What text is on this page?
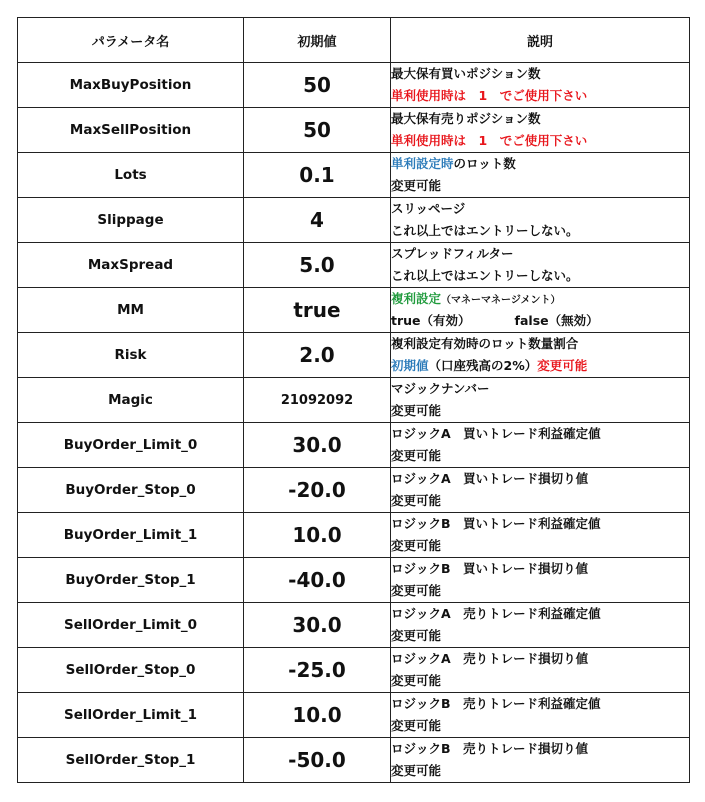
パラメータ名	初期値	説明
MaxBuyPosition	50	最大保有買いポジション数
単利使用時は　1　でご使用下さい

MaxSellPosition	50	最大保有売りポジション数
単利使用時は　1　でご使用下さい

Lots	0.1	単利設定時のロット数
変更可能

Slippage	4	スリッページ
これ以上ではエントリーしない。

MaxSpread	5.0	スプレッドフィルター
これ以上ではエントリーしない。

MM	true	複利設定（マネーマネージメント）
true（有効） false（無効）

Risk	2.0	複利設定有効時のロット数量割合
初期値（口座残高の2%）変更可能

Magic	21092092	マジックナンバー
変更可能

BuyOrder_Limit_0	30.0	ロジックA　買いトレード利益確定値
変更可能

BuyOrder_Stop_0	-20.0	ロジックA　買いトレード損切り値
変更可能

BuyOrder_Limit_1	10.0	ロジックB　買いトレード利益確定値
変更可能

BuyOrder_Stop_1	-40.0	ロジックB　買いトレード損切り値
変更可能

SellOrder_Limit_0	30.0	ロジックA　売りトレード利益確定値
変更可能

SellOrder_Stop_0	-25.0	ロジックA　売りトレード損切り値
変更可能

SellOrder_Limit_1	10.0	ロジックB　売りトレード利益確定値
変更可能

SellOrder_Stop_1	-50.0	ロジックB　売りトレード損切り値
変更可能
